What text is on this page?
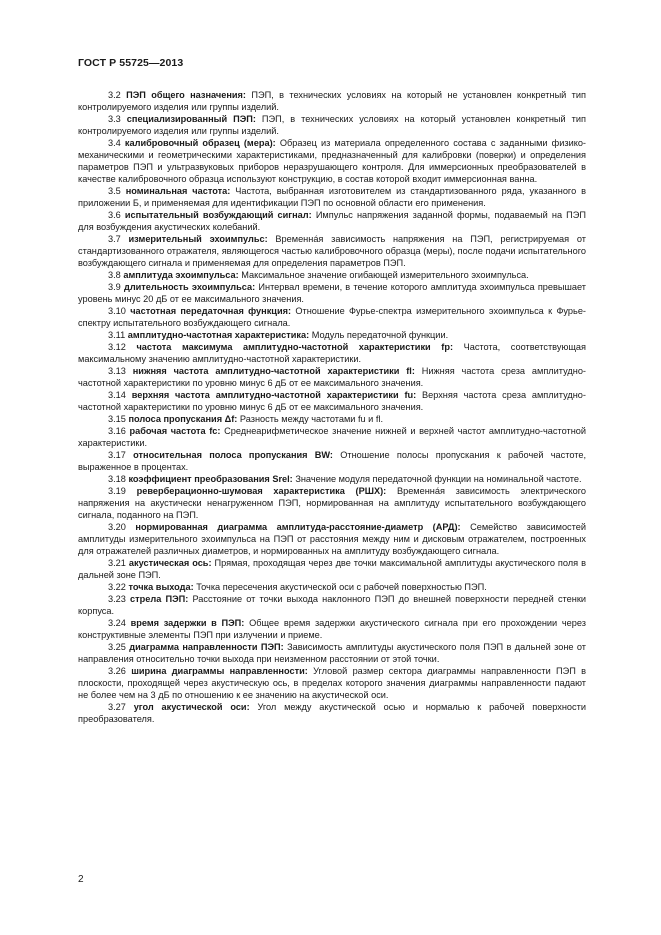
ГОСТ Р 55725—2013

3.2 ПЭП общего назначения: ПЭП, в технических условиях на который не установлен конкретный тип контролируемого изделия или группы изделий.

3.3 специализированный ПЭП: ПЭП, в технических условиях на который установлен конкретный тип контролируемого изделия или группы изделий.

3.4 калибровочный образец (мера): Образец из материала определенного состава с заданными физико-механическими и геометрическими характеристиками, предназначенный для калибровки (поверки) и определения параметров ПЭП и ультразвуковых приборов неразрушающего контроля. Для иммерсионных преобразователей в качестве калибровочного образца используют конструкцию, в состав которой входит иммерсионная ванна.

3.5 номинальная частота: Частота, выбранная изготовителем из стандартизованного ряда, указанного в приложении Б, и применяемая для идентификации ПЭП по основной области его применения.

3.6 испытательный возбуждающий сигнал: Импульс напряжения заданной формы, подаваемый на ПЭП для возбуждения акустических колебаний.

3.7 измерительный эхоимпульс: Временнáя зависимость напряжения на ПЭП, регистрируемая от стандартизованного отражателя, являющегося частью калибровочного образца (меры), после подачи испытательного возбуждающего сигнала и применяемая для определения параметров ПЭП.

3.8 амплитуда эхоимпульса: Максимальное значение огибающей измерительного эхоимпульса.

3.9 длительность эхоимпульса: Интервал времени, в течение которого амплитуда эхоимпульса превышает уровень минус 20 дБ от ее максимального значения.

3.10 частотная передаточная функция: Отношение Фурье-спектра измерительного эхоимпульса к Фурье-спектру испытательного возбуждающего сигнала.

3.11 амплитудно-частотная характеристика: Модуль передаточной функции.

3.12 частота максимума амплитудно-частотной характеристики fp: Частота, соответствующая максимальному значению амплитудно-частотной характеристики.

3.13 нижняя частота амплитудно-частотной характеристики fl: Нижняя частота среза амплитудно-частотной характеристики по уровню минус 6 дБ от ее максимального значения.

3.14 верхняя частота амплитудно-частотной характеристики fu: Верхняя частота среза амплитудно-частотной характеристики по уровню минус 6 дБ от ее максимального значения.

3.15 полоса пропускания Δf: Разность между частотами fu и fl.

3.16 рабочая частота fc: Среднеарифметическое значение нижней и верхней частот амплитудно-частотной характеристики.

3.17 относительная полоса пропускания BW: Отношение полосы пропускания к рабочей частоте, выраженное в процентах.

3.18 коэффициент преобразования Srel: Значение модуля передаточной функции на номинальной частоте.

3.19 реверберационно-шумовая характеристика (РШХ): Временнáя зависимость электрического напряжения на акустически ненагруженном ПЭП, нормированная на амплитуду испытательного возбуждающего сигнала, поданного на ПЭП.

3.20 нормированная диаграмма амплитуда-расстояние-диаметр (АРД): Семейство зависимостей амплитуды измерительного эхоимпульса на ПЭП от расстояния между ним и дисковым отражателем, построенных для отражателей различных диаметров, и нормированных на амплитуду возбуждающего сигнала.

3.21 акустическая ось: Прямая, проходящая через две точки максимальной амплитуды акустического поля в дальней зоне ПЭП.

3.22 точка выхода: Точка пересечения акустической оси с рабочей поверхностью ПЭП.

3.23 стрела ПЭП: Расстояние от точки выхода наклонного ПЭП до внешней поверхности передней стенки корпуса.

3.24 время задержки в ПЭП: Общее время задержки акустического сигнала при его прохождении через конструктивные элементы ПЭП при излучении и приеме.

3.25 диаграмма направленности ПЭП: Зависимость амплитуды акустического поля ПЭП в дальней зоне от направления относительно точки выхода при неизменном расстоянии от этой точки.

3.26 ширина диаграммы направленности: Угловой размер сектора диаграммы направленности ПЭП в плоскости, проходящей через акустическую ось, в пределах которого значения диаграммы направленности падают не более чем на 3 дБ по отношению к ее значению на акустической оси.

3.27 угол акустической оси: Угол между акустической осью и нормалью к рабочей поверхности преобразователя.

2
